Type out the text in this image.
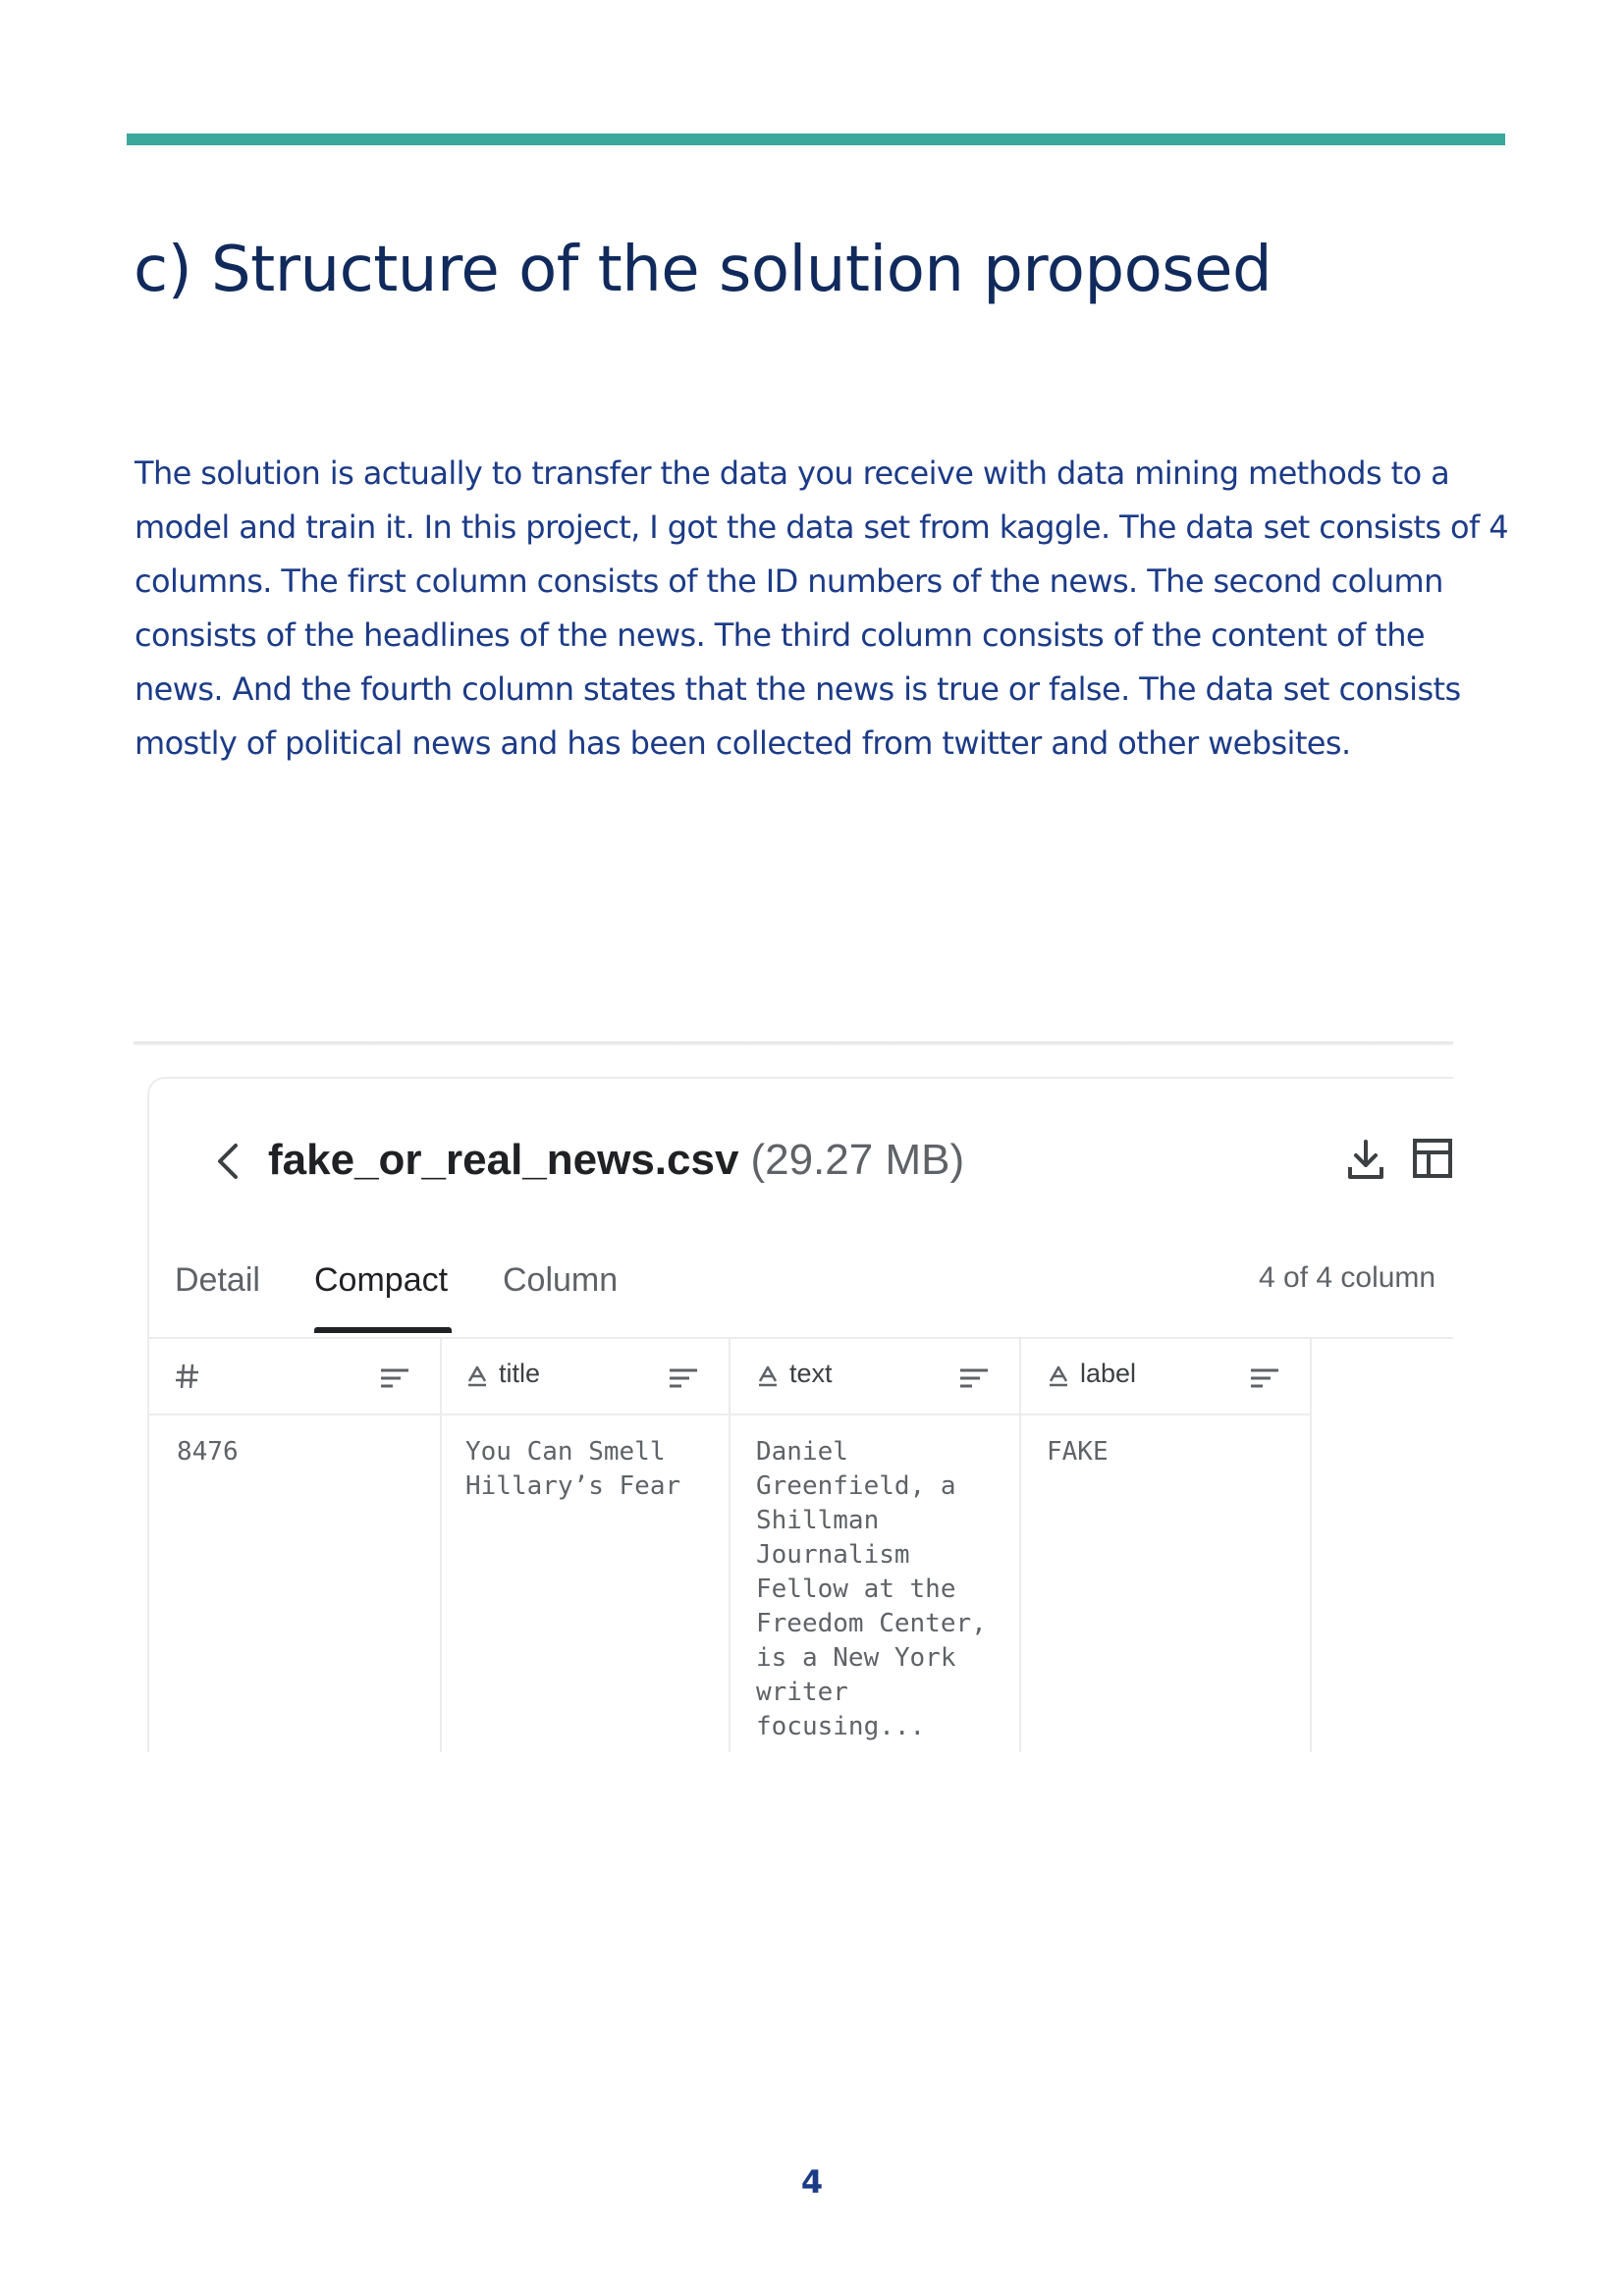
c) Structure of the solution proposed

The solution is actually to transfer the data you receive with data mining methods to a model and train it. In this project, I got the data set from kaggle. The data set consists of 4 columns. The first column consists of the ID numbers of the news. The second column consists of the headlines of the news. The third column consists of the content of the news. And the fourth column states that the news is true or false. The data set consists mostly of political news and has been collected from twitter and other websites.

fake_or_real_news.csv (29.27 MB)
Detail Compact Column	4 of 4 column
8476
title
You Can Smell
Hillary’s Fear
text
Daniel
Greenfield, a
Shillman
Journalism
Fellow at the
Freedom Center,
is a New York
writer
focusing...
label
FAKE
4
